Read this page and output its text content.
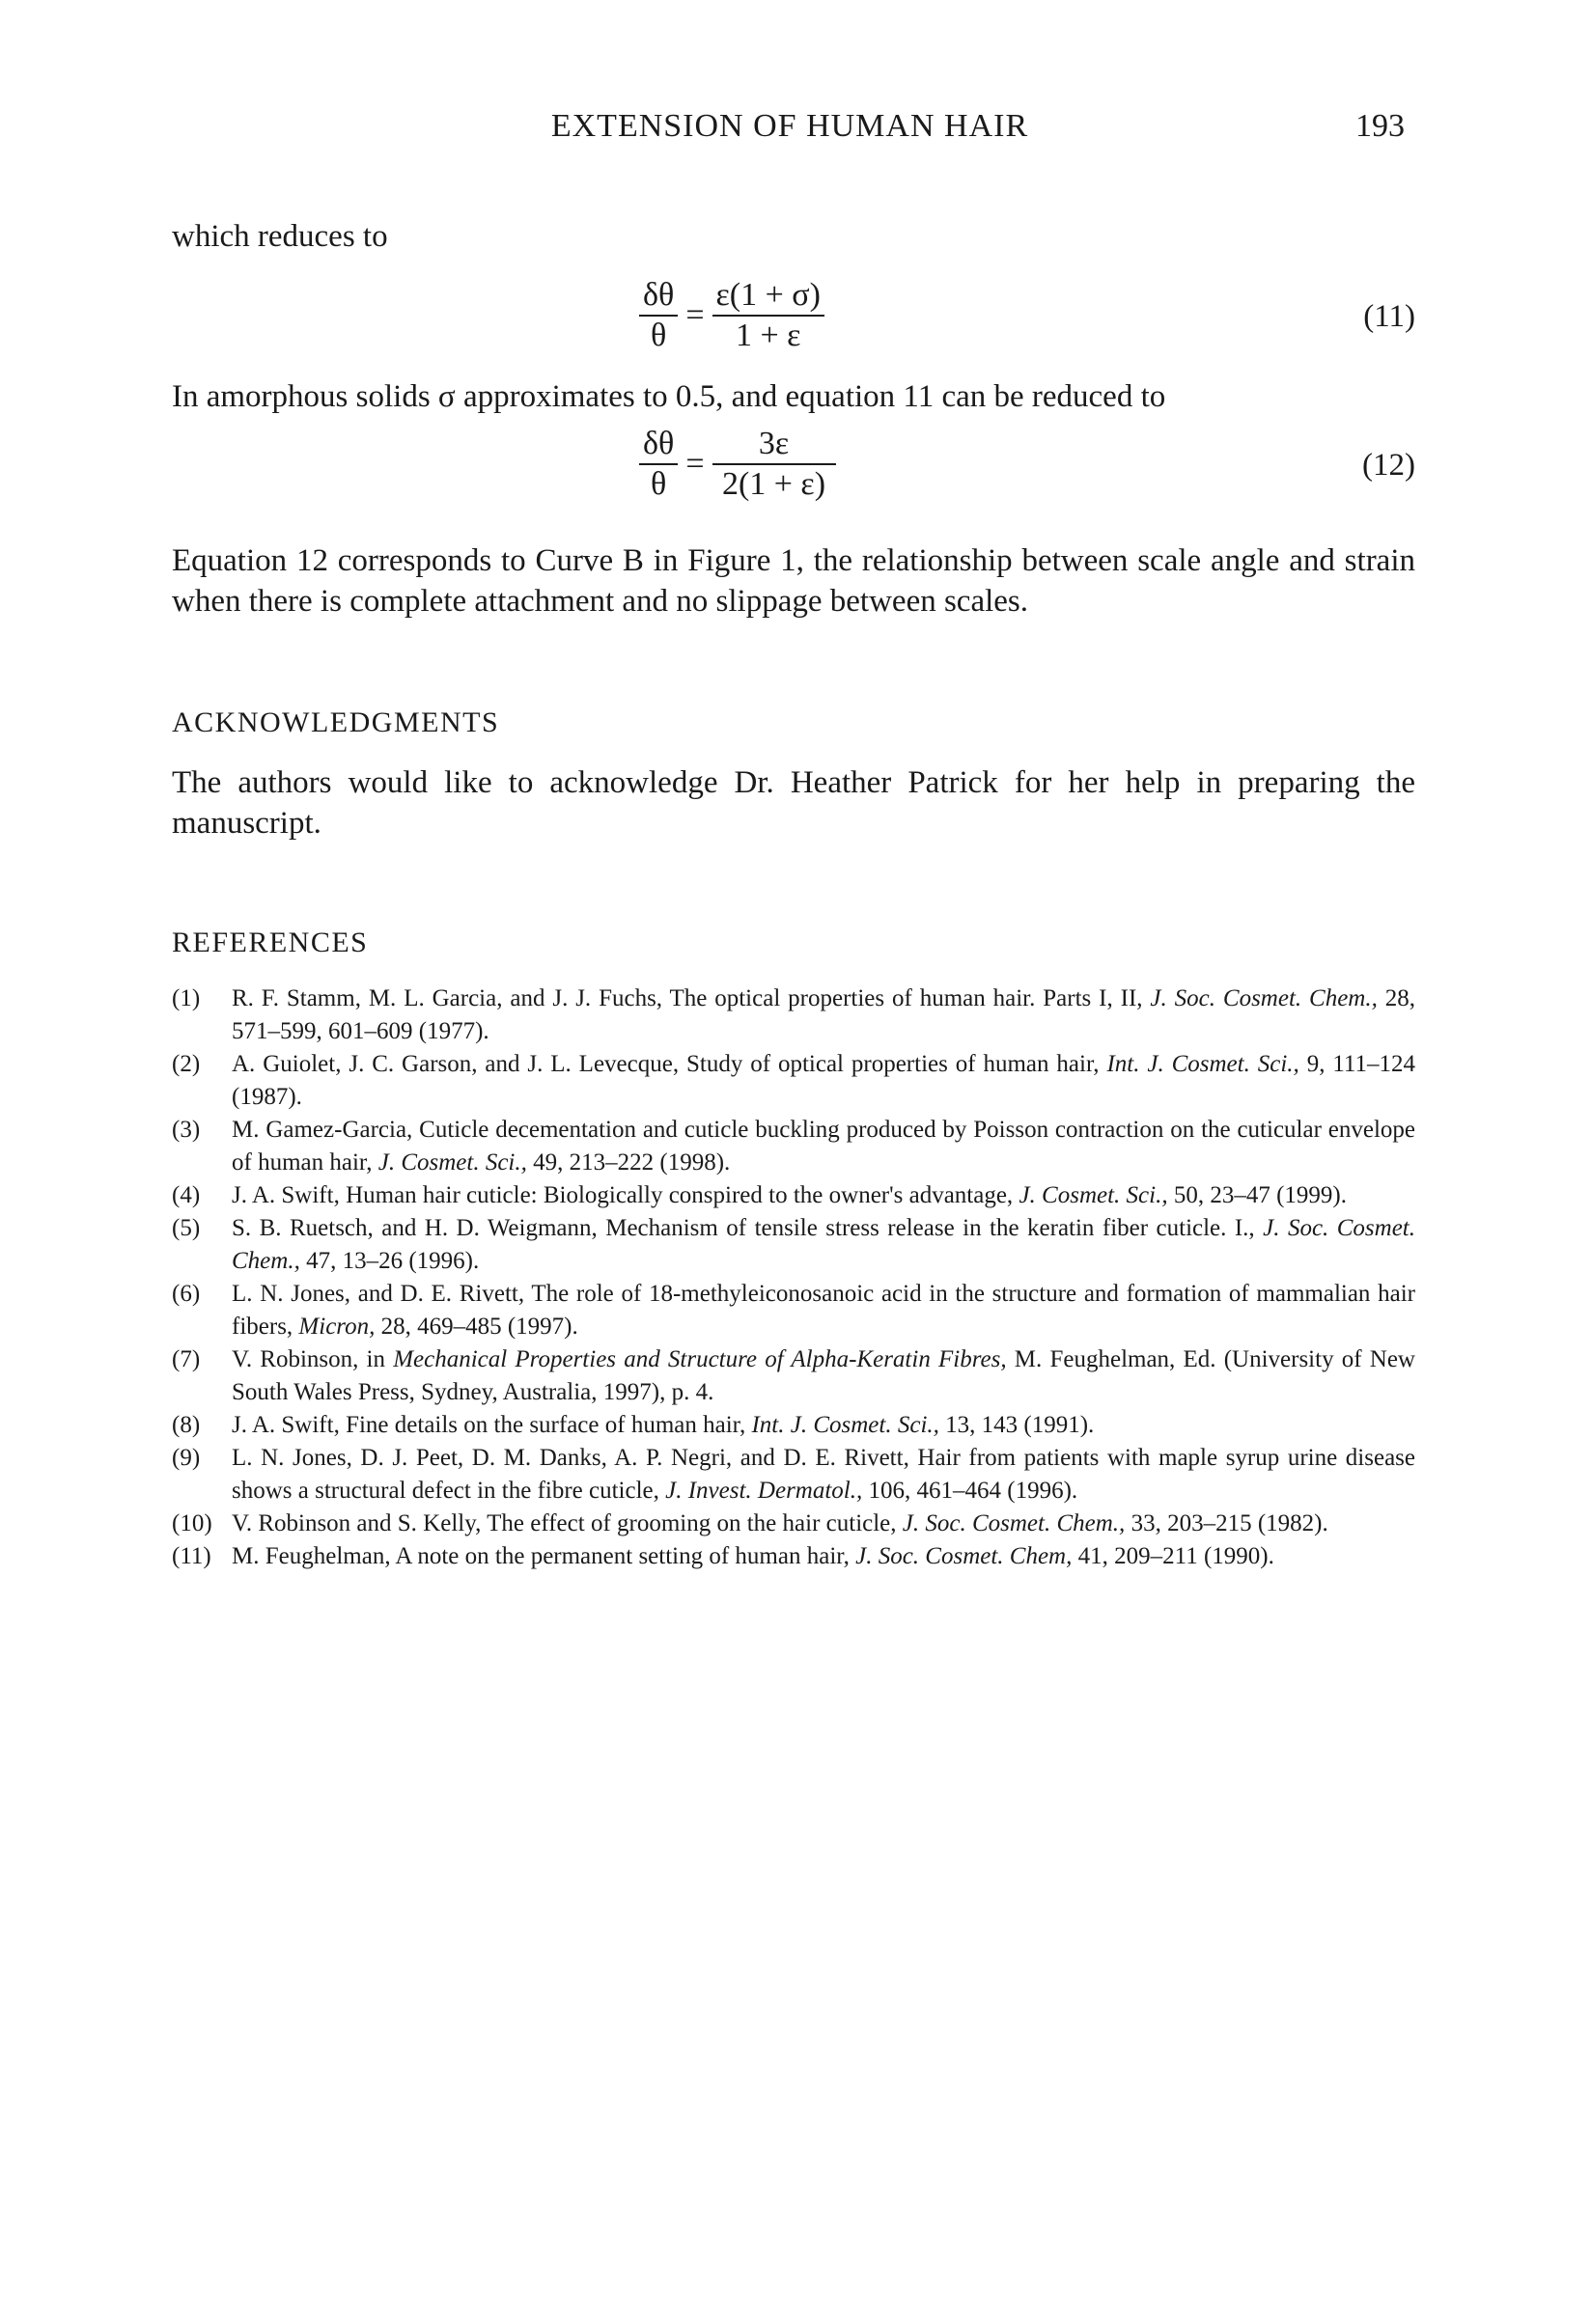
EXTENSION OF HUMAN HAIR	193
which reduces to
$\frac{\delta\theta}{\theta} = \frac{\varepsilon(1 + \sigma)}{1 + \varepsilon}$	(11)
In amorphous solids σ approximates to 0.5, and equation 11 can be reduced to
$\frac{\delta\theta}{\theta} = \frac{3\varepsilon}{2(1 + \varepsilon)}$	(12)
Equation 12 corresponds to Curve B in Figure 1, the relationship between scale angle and strain when there is complete attachment and no slippage between scales.
ACKNOWLEDGMENTS
The authors would like to acknowledge Dr. Heather Patrick for her help in preparing the manuscript.
REFERENCES
(1)	R. F. Stamm, M. L. Garcia, and J. J. Fuchs, The optical properties of human hair. Parts I, II, J. Soc. Cosmet. Chem., 28, 571–599, 601–609 (1977).
(2)	A. Guiolet, J. C. Garson, and J. L. Levecque, Study of optical properties of human hair, Int. J. Cosmet. Sci., 9, 111–124 (1987).
(3)	M. Gamez-Garcia, Cuticle decementation and cuticle buckling produced by Poisson contraction on the cuticular envelope of human hair, J. Cosmet. Sci., 49, 213–222 (1998).
(4)	J. A. Swift, Human hair cuticle: Biologically conspired to the owner's advantage, J. Cosmet. Sci., 50, 23–47 (1999).
(5)	S. B. Ruetsch, and H. D. Weigmann, Mechanism of tensile stress release in the keratin fiber cuticle. I., J. Soc. Cosmet. Chem., 47, 13–26 (1996).
(6)	L. N. Jones, and D. E. Rivett, The role of 18-methyleiconosanoic acid in the structure and formation of mammalian hair fibers, Micron, 28, 469–485 (1997).
(7)	V. Robinson, in Mechanical Properties and Structure of Alpha-Keratin Fibres, M. Feughelman, Ed. (University of New South Wales Press, Sydney, Australia, 1997), p. 4.
(8)	J. A. Swift, Fine details on the surface of human hair, Int. J. Cosmet. Sci., 13, 143 (1991).
(9)	L. N. Jones, D. J. Peet, D. M. Danks, A. P. Negri, and D. E. Rivett, Hair from patients with maple syrup urine disease shows a structural defect in the fibre cuticle, J. Invest. Dermatol., 106, 461–464 (1996).
(10) V. Robinson and S. Kelly, The effect of grooming on the hair cuticle, J. Soc. Cosmet. Chem., 33, 203–215 (1982).
(11) M. Feughelman, A note on the permanent setting of human hair, J. Soc. Cosmet. Chem, 41, 209–211 (1990).
